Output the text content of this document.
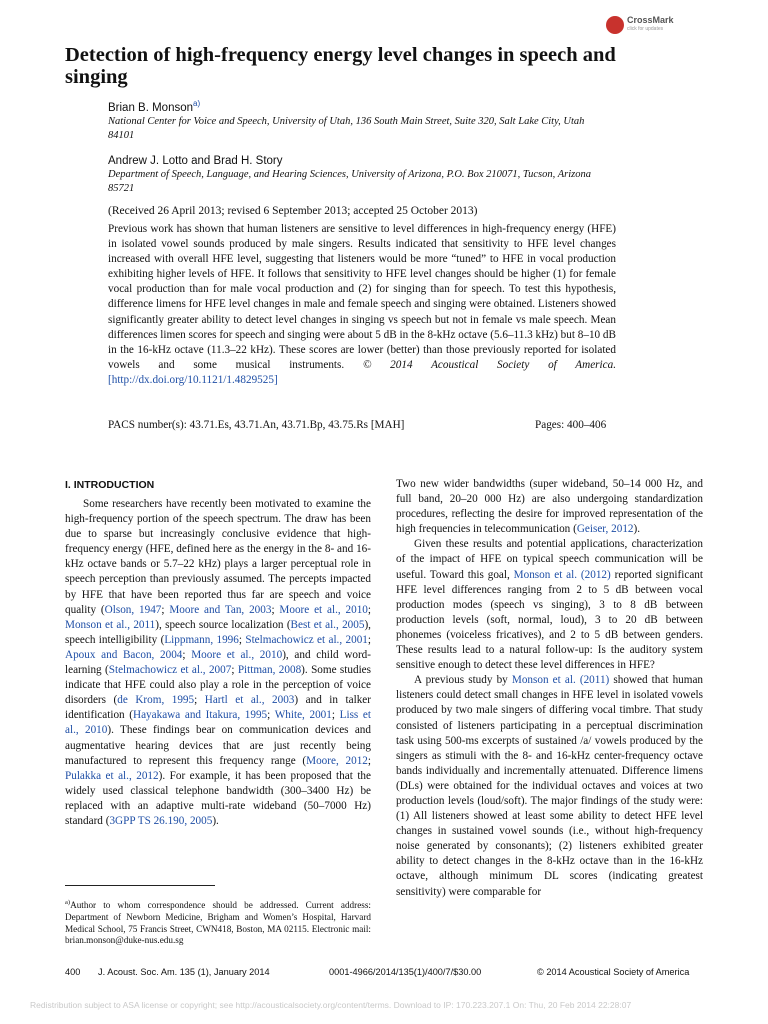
CrossMark
click for updates
Detection of high-frequency energy level changes in speech and singing
Brian B. Monson$^{a)}$
National Center for Voice and Speech, University of Utah, 136 South Main Street, Suite 320, Salt Lake City, Utah 84101
Andrew J. Lotto and Brad H. Story
Department of Speech, Language, and Hearing Sciences, University of Arizona, P.O. Box 210071, Tucson, Arizona 85721
(Received 26 April 2013; revised 6 September 2013; accepted 25 October 2013)
Previous work has shown that human listeners are sensitive to level differences in high-frequency energy (HFE) in isolated vowel sounds produced by male singers. Results indicated that sensitivity to HFE level changes increased with overall HFE level, suggesting that listeners would be more “tuned” to HFE in vocal production exhibiting higher levels of HFE. It follows that sensitivity to HFE level changes should be higher (1) for female vocal production than for male vocal production and (2) for singing than for speech. To test this hypothesis, difference limens for HFE level changes in male and female speech and singing were obtained. Listeners showed significantly greater ability to detect level changes in singing vs speech but not in female vs male speech. Mean differences limen scores for speech and singing were about 5 dB in the 8-kHz octave (5.6–11.3 kHz) but 8–10 dB in the 16-kHz octave (11.3–22 kHz). These scores are lower (better) than those previously reported for isolated vowels and some musical instruments. © 2014 Acoustical Society of America. [http://dx.doi.org/10.1121/1.4829525]
PACS number(s): 43.71.Es, 43.71.An, 43.71.Bp, 43.75.Rs [MAH]	Pages: 400–406
I. INTRODUCTION

Some researchers have recently been motivated to examine the high-frequency portion of the speech spectrum. The draw has been due to sparse but increasingly conclusive evidence that high-frequency energy (HFE, defined here as the energy in the 8- and 16-kHz octave bands or 5.7–22 kHz) plays a larger perceptual role in speech perception than previously assumed. The percepts impacted by HFE that have been reported thus far are speech and voice quality (Olson, 1947; Moore and Tan, 2003; Moore et al., 2010; Monson et al., 2011), speech source localization (Best et al., 2005), speech intelligibility (Lippmann, 1996; Stelmachowicz et al., 2001; Apoux and Bacon, 2004; Moore et al., 2010), and child word-learning (Stelmachowicz et al., 2007; Pittman, 2008). Some studies indicate that HFE could also play a role in the perception of voice disorders (de Krom, 1995; Hartl et al., 2003) and in talker identification (Hayakawa and Itakura, 1995; White, 2001; Liss et al., 2010). These findings bear on communication devices and augmentative hearing devices that are just recently being manufactured to represent this frequency range (Moore, 2012; Pulakka et al., 2012). For example, it has been proposed that the widely used classical telephone bandwidth (300–3400 Hz) be replaced with an adaptive multi-rate wideband (50–7000 Hz) standard (3GPP TS 26.190, 2005).

Two new wider bandwidths (super wideband, 50–14 000 Hz, and full band, 20–20 000 Hz) are also undergoing standardization procedures, reflecting the desire for improved representation of the high frequencies in telecommunication (Geiser, 2012).

Given these results and potential applications, characterization of the impact of HFE on typical speech communication will be useful. Toward this goal, Monson et al. (2012) reported significant HFE level differences ranging from 2 to 5 dB between vocal production modes (speech vs singing), 3 to 8 dB between production levels (soft, normal, loud), 3 to 20 dB between phonemes (voiceless fricatives), and 2 to 5 dB between genders. These results lead to a natural follow-up: Is the auditory system sensitive enough to detect these level differences in HFE?

A previous study by Monson et al. (2011) showed that human listeners could detect small changes in HFE level in isolated vowels produced by two male singers of differing vocal timbre. That study consisted of listeners participating in a perceptual discrimination task using 500-ms excerpts of sustained /a/ vowels produced by the singers as stimuli with the 8- and 16-kHz center-frequency octave bands individually and incrementally attenuated. Difference limens (DLs) were obtained for the individual octaves and voices at two production levels (loud/soft). The major findings of the study were: (1) All listeners showed at least some ability to detect HFE level changes in sustained vowel sounds (i.e., without high-frequency noise generated by consonants); (2) listeners exhibited greater ability to detect changes in the 8-kHz octave than in the 16-kHz octave, although minimum DL scores (indicating greatest sensitivity) were comparable for

$^{a)}$Author to whom correspondence should be addressed. Current address: Department of Newborn Medicine, Brigham and Women’s Hospital, Harvard Medical School, 75 Francis Street, CWN418, Boston, MA 02115. Electronic mail: brian.monson@duke-nus.edu.sg
400 J. Acoust. Soc. Am. 135 (1), January 2014	0001-4966/2014/135(1)/400/7/$30.00	© 2014 Acoustical Society of America
Redistribution subject to ASA license or copyright; see http://acousticalsociety.org/content/terms. Download to IP: 170.223.207.1 On: Thu, 20 Feb 2014 22:28:07
